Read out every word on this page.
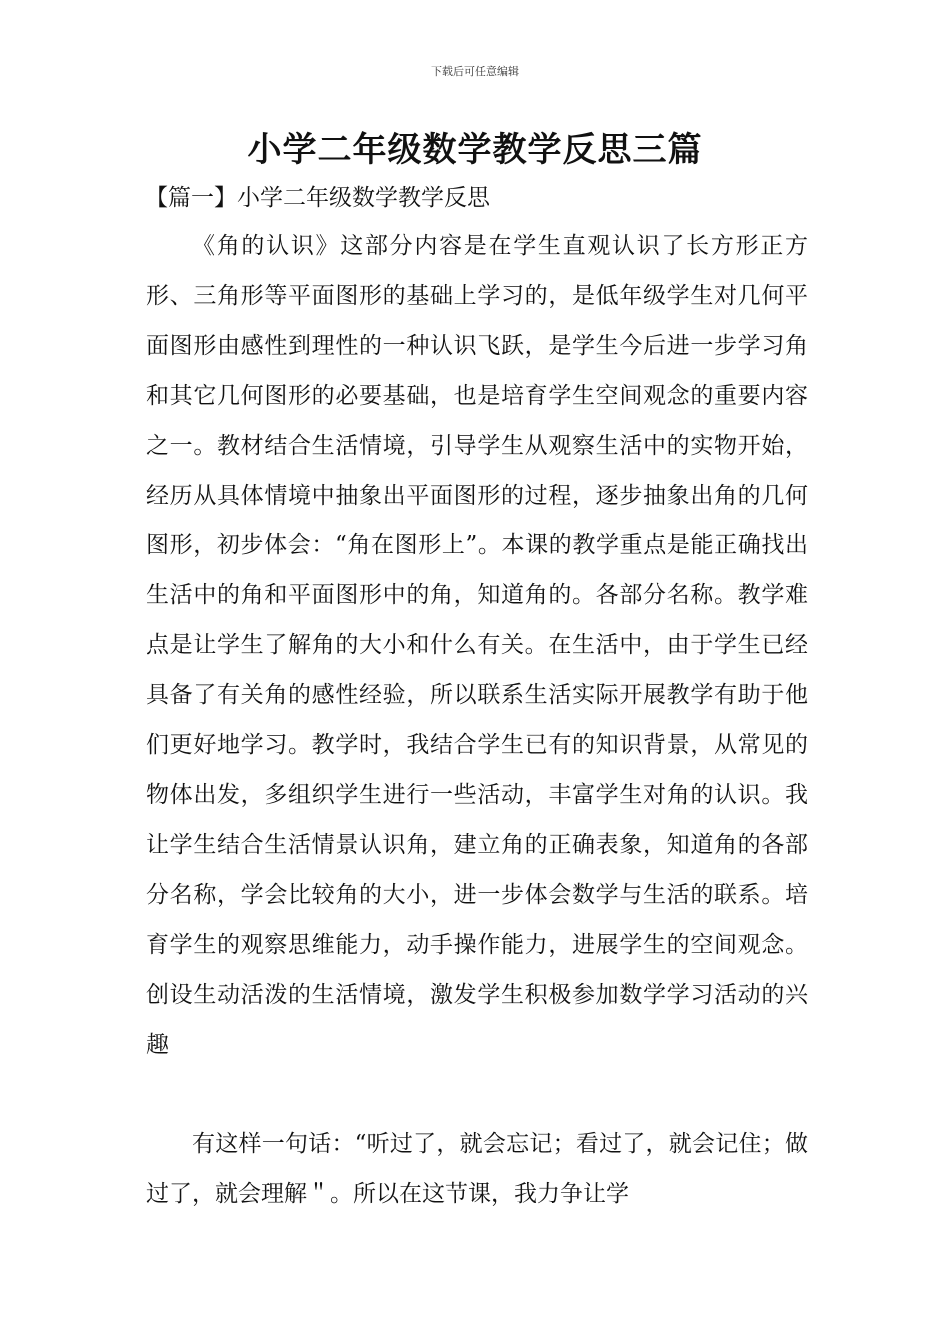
下载后可任意编辑
小学二年级数学教学反思三篇
【篇一】小学二年级数学教学反思

《角的认识》这部分内容是在学生直观认识了长方形正方形、三角形等平面图形的基础上学习的，是低年级学生对几何平面图形由感性到理性的一种认识飞跃，是学生今后进一步学习角和其它几何图形的必要基础，也是培育学生空间观念的重要内容之一。教材结合生活情境，引导学生从观察生活中的实物开始，经历从具体情境中抽象出平面图形的过程，逐步抽象出角的几何图形，初步体会：“角在图形上”。本课的教学重点是能正确找出生活中的角和平面图形中的角，知道角的。各部分名称。教学难点是让学生了解角的大小和什么有关。在生活中，由于学生已经具备了有关角的感性经验，所以联系生活实际开展教学有助于他们更好地学习。教学时，我结合学生已有的知识背景，从常见的物体出发，多组织学生进行一些活动，丰富学生对角的认识。我让学生结合生活情景认识角，建立角的正确表象，知道角的各部分名称，学会比较角的大小，进一步体会数学与生活的联系。培育学生的观察思维能力，动手操作能力，进展学生的空间观念。创设生动活泼的生活情境，激发学生积极参加数学学习活动的兴趣

有这样一句话：“听过了，就会忘记；看过了，就会记住；做过了，就会理解＂。所以在这节课，我力争让学
